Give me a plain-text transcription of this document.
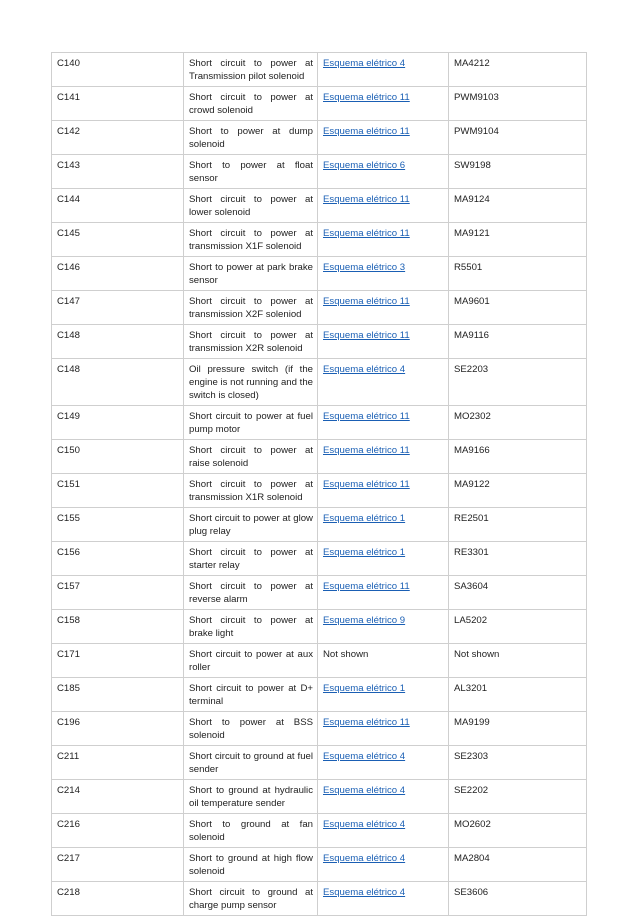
C140	Short circuit to power at Transmission pilot solenoid	Esquema elétrico 4	MA4212
C141	Short circuit to power at crowd solenoid	Esquema elétrico 11	PWM9103
C142	Short to power at dump solenoid	Esquema elétrico 11	PWM9104
C143	Short to power at float sensor	Esquema elétrico 6	SW9198
C144	Short circuit to power at lower solenoid	Esquema elétrico 11	MA9124
C145	Short circuit to power at transmission X1F solenoid	Esquema elétrico 11	MA9121
C146	Short to power at park brake sensor	Esquema elétrico 3	R5501
C147	Short circuit to power at transmission X2F soleniod	Esquema elétrico 11	MA9601
C148	Short circuit to power at transmission X2R solenoid	Esquema elétrico 11	MA9116
C148	Oil pressure switch (if the engine is not running and the switch is closed)	Esquema elétrico 4	SE2203
C149	Short circuit to power at fuel pump motor	Esquema elétrico 11	MO2302
C150	Short circuit to power at raise solenoid	Esquema elétrico 11	MA9166
C151	Short circuit to power at transmission X1R solenoid	Esquema elétrico 11	MA9122
C155	Short circuit to power at glow plug relay	Esquema elétrico 1	RE2501
C156	Short circuit to power at starter relay	Esquema elétrico 1	RE3301
C157	Short circuit to power at reverse alarm	Esquema elétrico 11	SA3604
C158	Short circuit to power at brake light	Esquema elétrico 9	LA5202
C171	Short circuit to power at aux roller	Not shown	Not shown
C185	Short circuit to power at D+ terminal	Esquema elétrico 1	AL3201
C196	Short to power at BSS solenoid	Esquema elétrico 11	MA9199
C211	Short circuit to ground at fuel sender	Esquema elétrico 4	SE2303
C214	Short to ground at hydraulic oil temperature sender	Esquema elétrico 4	SE2202
C216	Short to ground at fan solenoid	Esquema elétrico 4	MO2602
C217	Short to ground at high flow solenoid	Esquema elétrico 4	MA2804
C218	Short circuit to ground at charge pump sensor	Esquema elétrico 4	SE3606
